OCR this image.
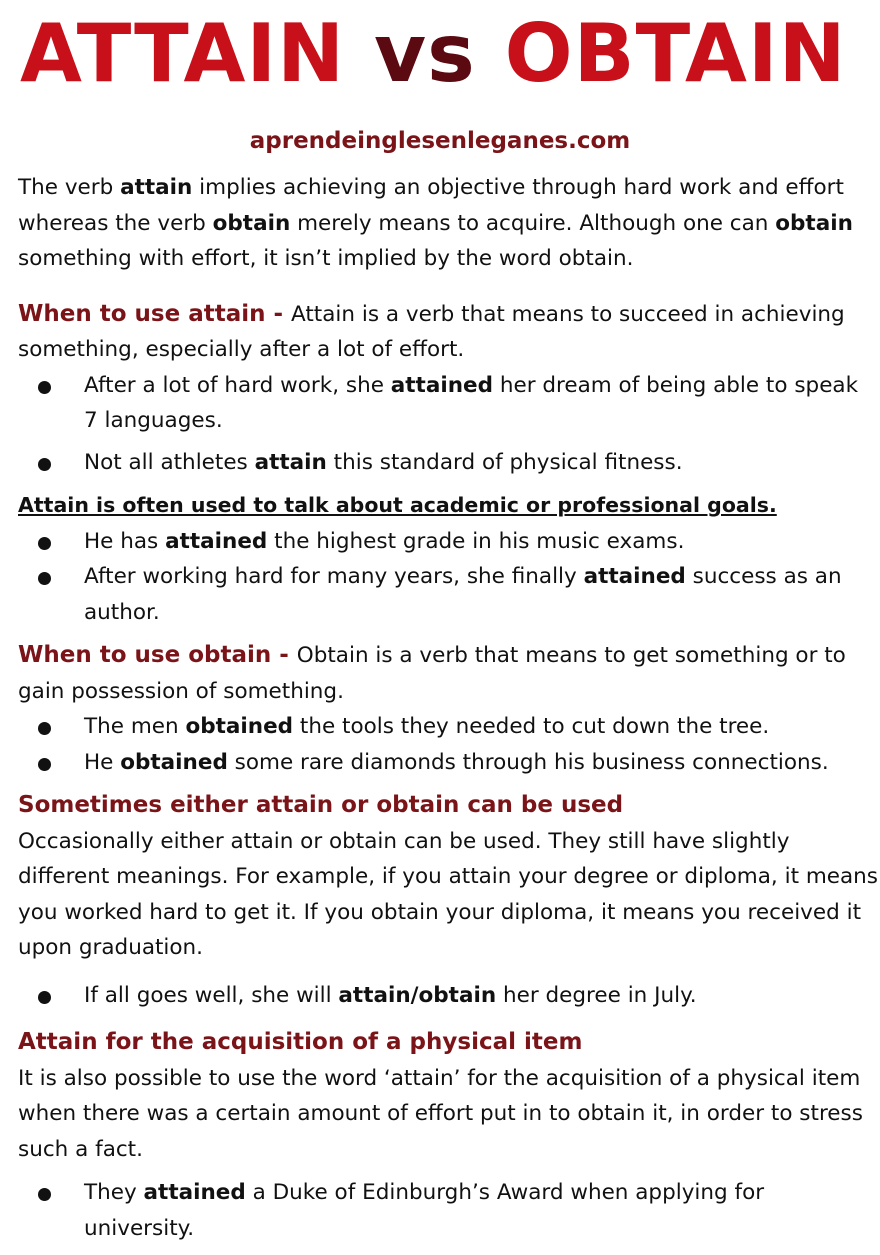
ATTAIN vs OBTAIN
aprendeinglesenleganes.com

The verb attain implies achieving an objective through hard work and effort whereas the verb obtain merely means to acquire. Although one can obtain something with effort, it isn’t implied by the word obtain.

When to use attain - Attain is a verb that means to succeed in achieving something, especially after a lot of effort.

After a lot of hard work, she attained her dream of being able to speak 7 languages.
Not all athletes attain this standard of physical fitness.

Attain is often used to talk about academic or professional goals.

He has attained the highest grade in his music exams.
After working hard for many years, she finally attained success as an author.

When to use obtain - Obtain is a verb that means to get something or to gain possession of something.

The men obtained the tools they needed to cut down the tree.
He obtained some rare diamonds through his business connections.

Sometimes either attain or obtain can be used

Occasionally either attain or obtain can be used. They still have slightly different meanings. For example, if you attain your degree or diploma, it means you worked hard to get it. If you obtain your diploma, it means you received it upon graduation.

If all goes well, she will attain/obtain her degree in July.

Attain for the acquisition of a physical item

It is also possible to use the word ‘attain’ for the acquisition of a physical item when there was a certain amount of effort put in to obtain it, in order to stress such a fact.

They attained a Duke of Edinburgh’s Award when applying for university.
